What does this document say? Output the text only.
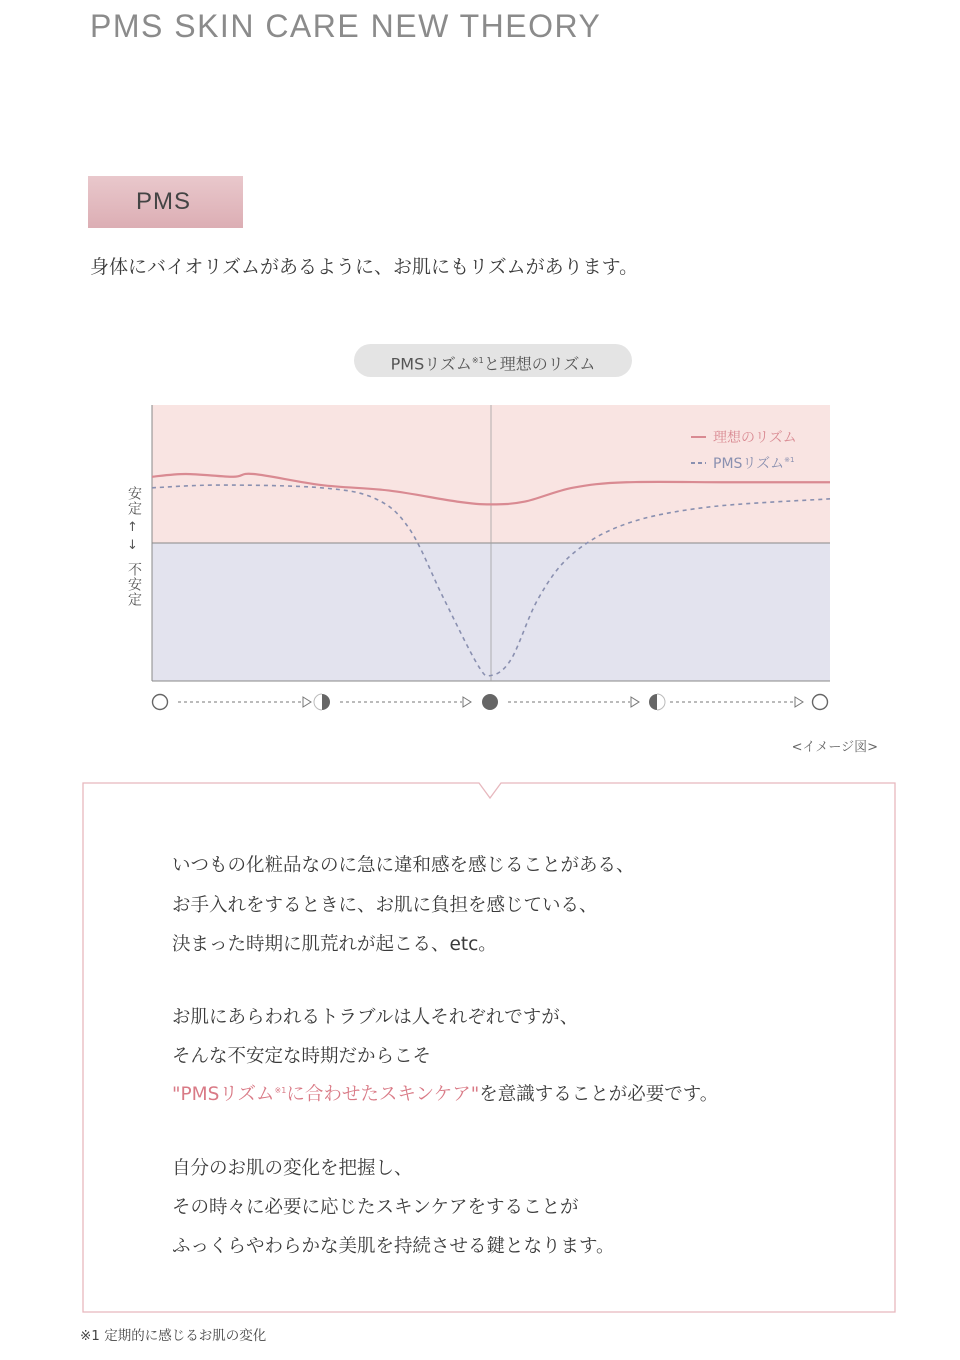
PMS SKIN CARE NEW THEORY
PMS
身体にバイオリズムがあるように、お肌にもリズムがあります。
PMSリズム$^{※1}$と理想のリズム
理想のリズム
PMSリズム$^{※1}$
安定
↑
↓
不安定
<イメージ図>
いつもの化粧品なのに急に違和感を感じることがある、
お手入れをするときに、お肌に負担を感じている、
決まった時期に肌荒れが起こる、etc。
お肌にあらわれるトラブルは人それぞれですが、
そんな不安定な時期だからこそ
"PMSリズム$^{※1}$に合わせたスキンケア"を意識することが必要です。
自分のお肌の変化を把握し、
その時々に必要に応じたスキンケアをすることが
ふっくらやわらかな美肌を持続させる鍵となります。
※1 定期的に感じるお肌の変化
